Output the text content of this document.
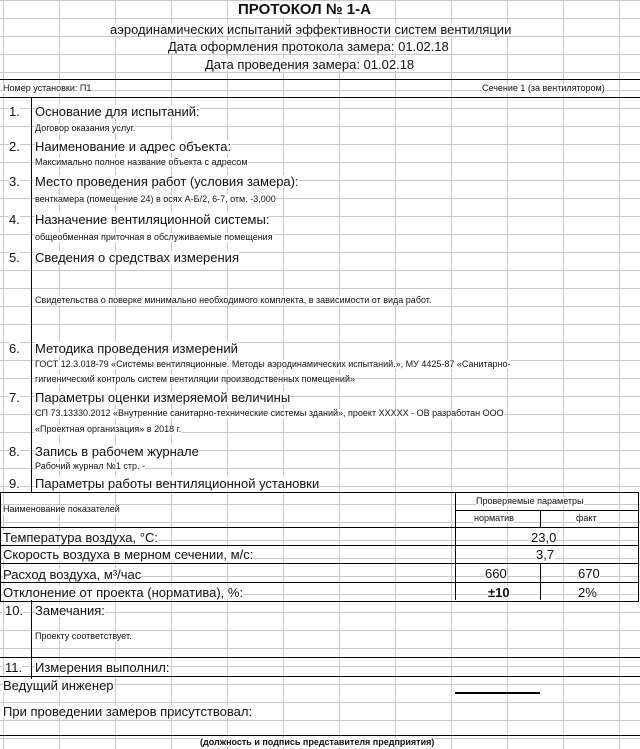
ПРОТОКОЛ № 1-А
аэродинамических испытаний эффективности систем вентиляции
Дата оформления протокола замера: 01.02.18
Дата проведения замера: 01.02.18
Номер установки: П1	Сечение 1 (за вентилятором)
1. Основание для испытаний:
Договор оказания услуг.
2. Наименование и адрес объекта:
Максимально полное название объекта с адресом
3. Место проведения работ (условия замера):
венткамера (помещение 24) в осях А-Б/2, 6-7, отм. -3,000
4. Назначение вентиляционной системы:
общеобменная приточная в обслуживаемые помещения
5. Сведения о средствах измерения
Свидетельства о поверке минимально необходимого комплекта, в зависимости от вида работ.
6. Методика проведения измерений
ГОСТ 12.3.018-79 «Системы вентиляционные. Методы аэродинамических испытаний.», МУ 4425-87 «Санитарно-
гигиенический контроль систем вентиляции производственных помещений»
7. Параметры оценки измеряемой величины
СП 73.13330.2012 «Внутренние санитарно-технические системы зданий», проект XXXXX - ОВ разработан ООО
«Проектная организация» в 2018 г.
8. Запись в рабочем журнале
Рабочий журнал №1 стр. -
9. Параметры работы вентиляционной установки
Наименование показателей
Проверяемые параметры
норматив	факт
Температура воздуха, °С:	23,0
Скорость воздуха в мерном сечении, м/с:	3,7
Расход воздуха, м³/час	660	670
Отклонение от проекта (норматива), %:	±10	2%
10. Замечания:
Проекту соответствует.
11. Измерения выполнил:
Ведущий инженер
При проведении замеров присутствовал:
(должность и подпись представителя предприятия)
